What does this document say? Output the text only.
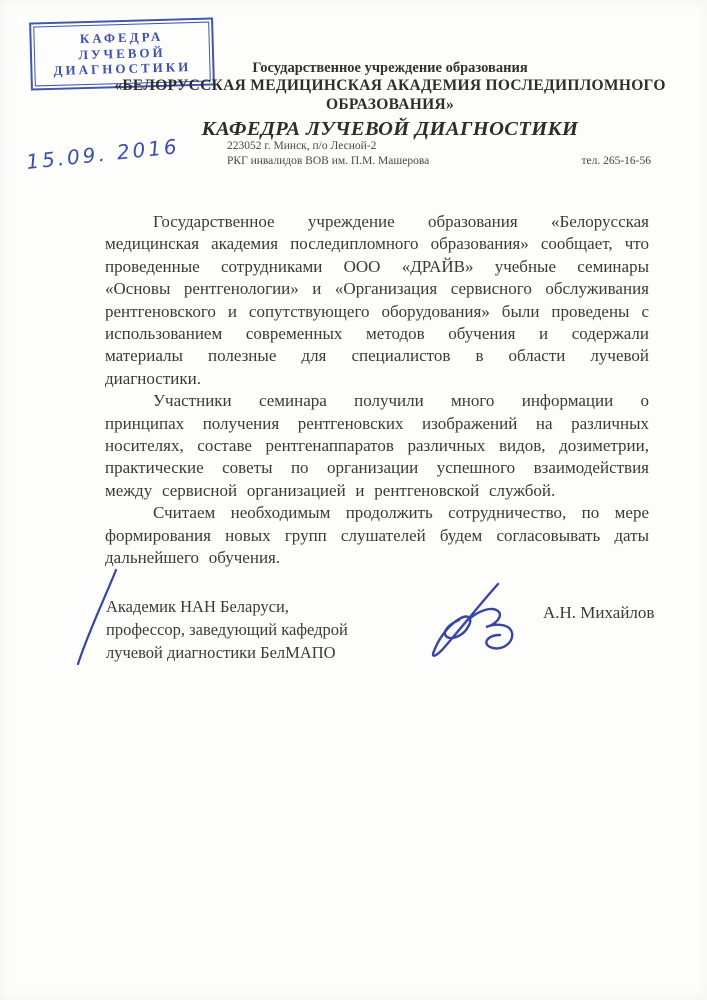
КАФЕДРА
ЛУЧЕВОЙ
ДИАГНОСТИКИ	Государственное учреждение образования
«БЕЛОРУССКАЯ МЕДИЦИНСКАЯ АКАДЕМИЯ ПОСЛЕДИПЛОМНОГО
ОБРАЗОВАНИЯ»
КАФЕДРА ЛУЧЕВОЙ ДИАГНОСТИКИ
223052 г. Минск, п/о Лесной-2
РКГ инвалидов ВОВ им. П.М. Машерова	тел. 265-16-56
15.09. 2016

Государственное учреждение образования «Белорусская медицинская академия последипломного образования» сообщает, что проведенные сотрудниками ООО «ДРАЙВ» учебные семинары «Основы рентгенологии» и «Организация сервисного обслуживания рентгеновского и сопутствующего оборудования» были проведены с использованием современных методов обучения и содержали материалы полезные для специалистов в области лучевой диагностики.

Участники семинара получили много информации о принципах получения рентгеновских изображений на различных носителях, составе рентгенаппаратов различных видов, дозиметрии, практические советы по организации успешного взаимодействия между сервисной организацией и рентгеновской службой.

Считаем необходимым продолжить сотрудничество, по мере формирования новых групп слушателей будем согласовывать даты дальнейшего обучения.

Академик НАН Беларуси,
профессор, заведующий кафедрой
лучевой диагностики БелМАПО
А.Н. Михайлов
